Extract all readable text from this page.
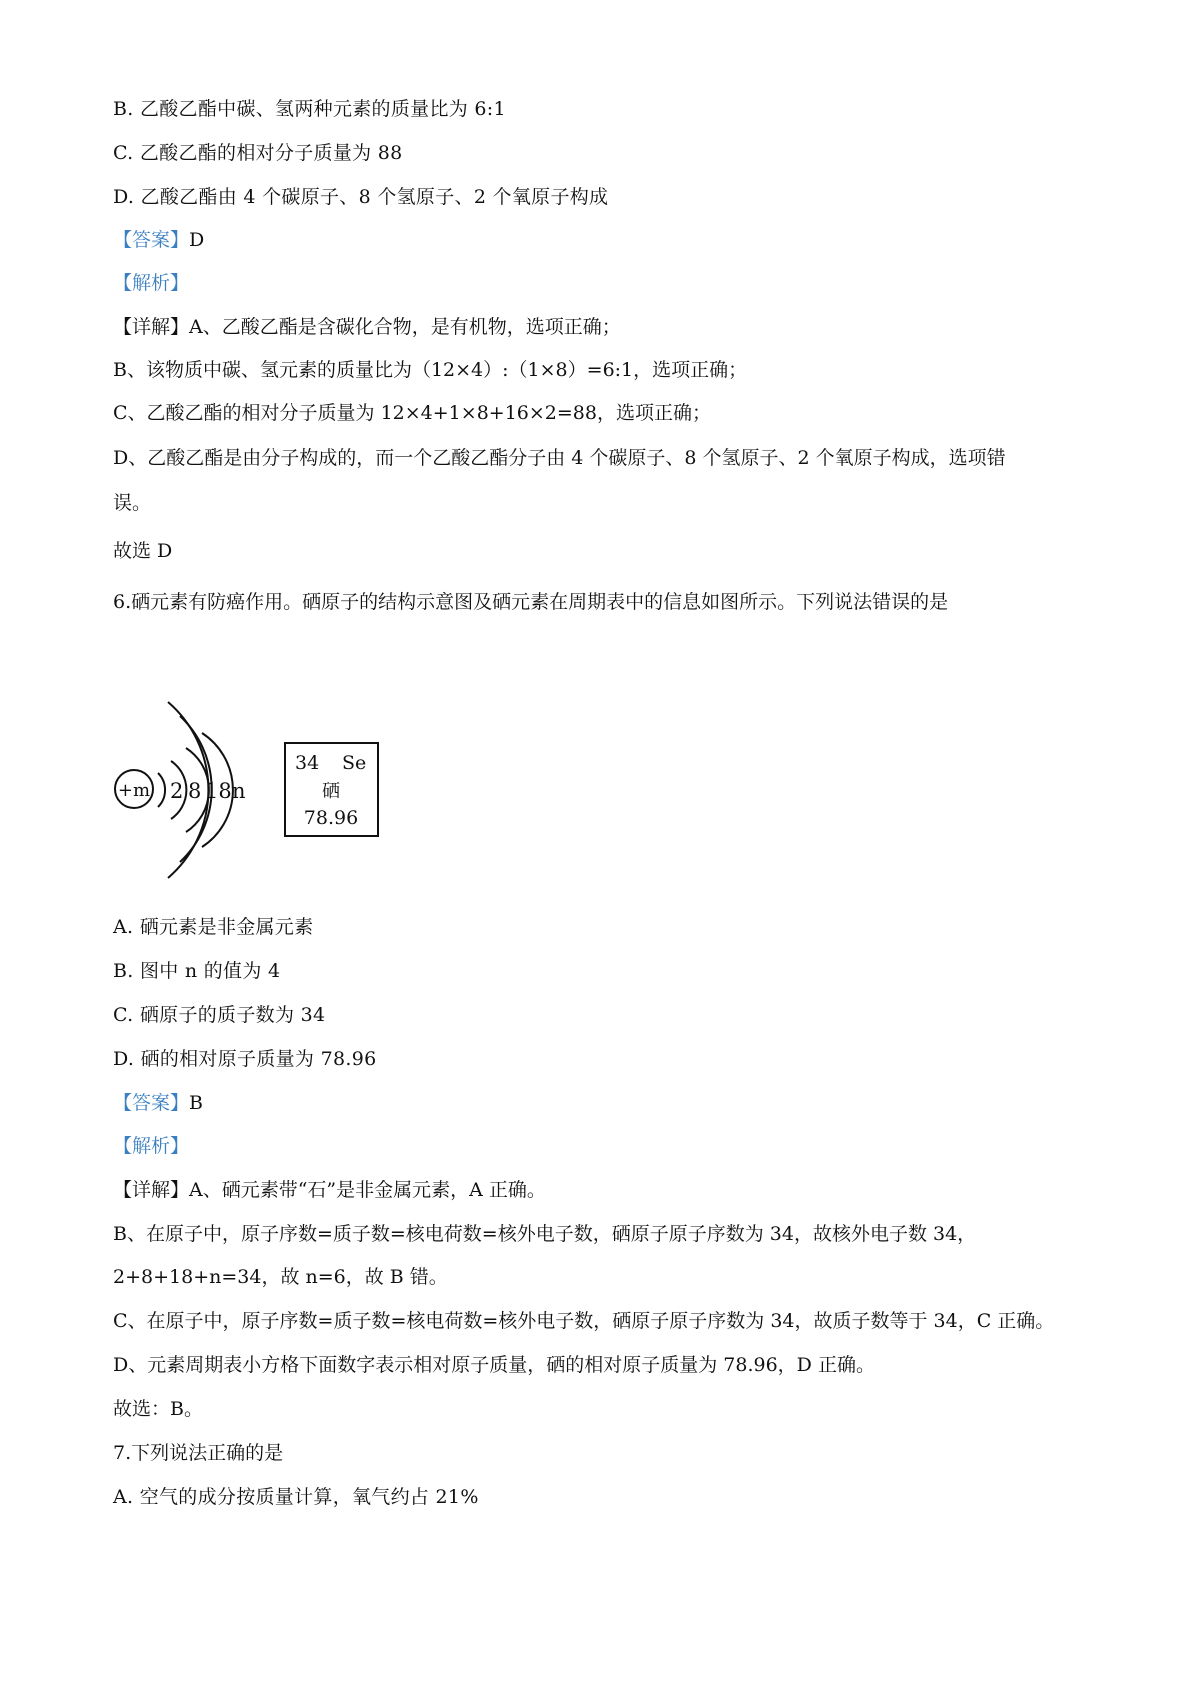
B. 乙酸乙酯中碳、氢两种元素的质量比为 6:1
C. 乙酸乙酯的相对分子质量为 88
D. 乙酸乙酯由 4 个碳原子、8 个氢原子、2 个氧原子构成
【答案】D
【解析】
【详解】A、乙酸乙酯是含碳化合物，是有机物，选项正确；
B、该物质中碳、氢元素的质量比为（12×4）:（1×8）=6:1，选项正确；
C、乙酸乙酯的相对分子质量为 12×4+1×8+16×2=88，选项正确；
D、乙酸乙酯是由分子构成的，而一个乙酸乙酯分子由 4 个碳原子、8 个氢原子、2 个氧原子构成，选项错
误。
故选 D
6.硒元素有防癌作用。硒原子的结构示意图及硒元素在周期表中的信息如图所示。下列说法错误的是
+m 2 8 18 n
34 Se
硒
78.96
A. 硒元素是非金属元素
B. 图中 n 的值为 4
C. 硒原子的质子数为 34
D. 硒的相对原子质量为 78.96
【答案】B
【解析】
【详解】A、硒元素带“石”是非金属元素，A 正确。
B、在原子中，原子序数=质子数=核电荷数=核外电子数，硒原子原子序数为 34，故核外电子数 34，
2+8+18+n=34，故 n=6，故 B 错。
C、在原子中，原子序数=质子数=核电荷数=核外电子数，硒原子原子序数为 34，故质子数等于 34，C 正确。
D、元素周期表小方格下面数字表示相对原子质量，硒的相对原子质量为 78.96，D 正确。
故选：B。
7.下列说法正确的是
A. 空气的成分按质量计算，氧气约占 21%
